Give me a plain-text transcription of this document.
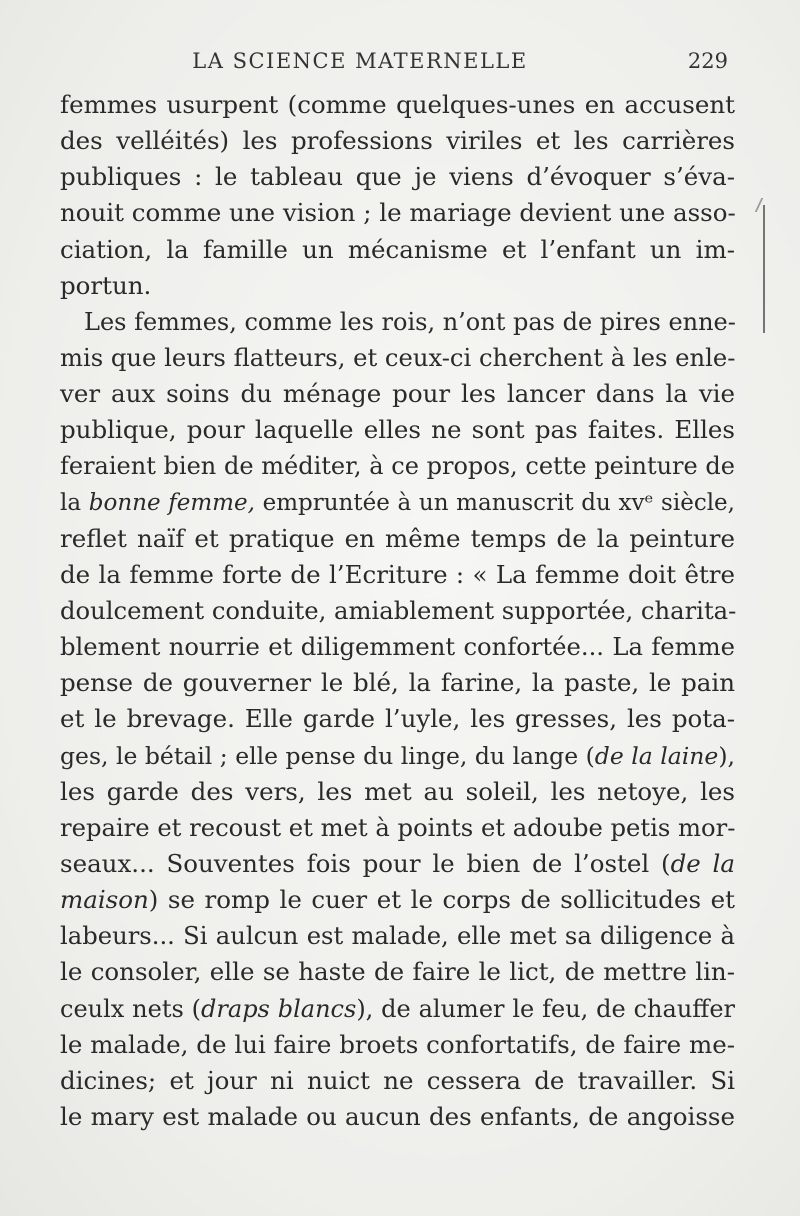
LA SCIENCE MATERNELLE	229
femmes usurpent (comme quelques-unes en accusent
des velléités) les professions viriles et les carrières
publiques : le tableau que je viens d’évoquer s’éva-
nouit comme une vision ; le mariage devient une asso-
ciation, la famille un mécanisme et l’enfant un im-
portun.
Les femmes, comme les rois, n’ont pas de pires enne-
mis que leurs flatteurs, et ceux-ci cherchent à les enle-
ver aux soins du ménage pour les lancer dans la vie
publique, pour laquelle elles ne sont pas faites. Elles
feraient bien de méditer, à ce propos, cette peinture de
la bonne femme, empruntée à un manuscrit du xvᵉ siècle,
reflet naïf et pratique en même temps de la peinture
de la femme forte de l’Ecriture : « La femme doit être
doulcement conduite, amiablement supportée, charita-
blement nourrie et diligemment confortée... La femme
pense de gouverner le blé, la farine, la paste, le pain
et le brevage. Elle garde l’uyle, les gresses, les pota-
ges, le bétail ; elle pense du linge, du lange (de la laine),
les garde des vers, les met au soleil, les netoye, les
repaire et recoust et met à points et adoube petis mor-
seaux... Souventes fois pour le bien de l’ostel (de la
maison) se romp le cuer et le corps de sollicitudes et
labeurs... Si aulcun est malade, elle met sa diligence à
le consoler, elle se haste de faire le lict, de mettre lin-
ceulx nets (draps blancs), de alumer le feu, de chauffer
le malade, de lui faire broets confortatifs, de faire me-
dicines; et jour ni nuict ne cessera de travailler. Si
le mary est malade ou aucun des enfants, de angoisse
